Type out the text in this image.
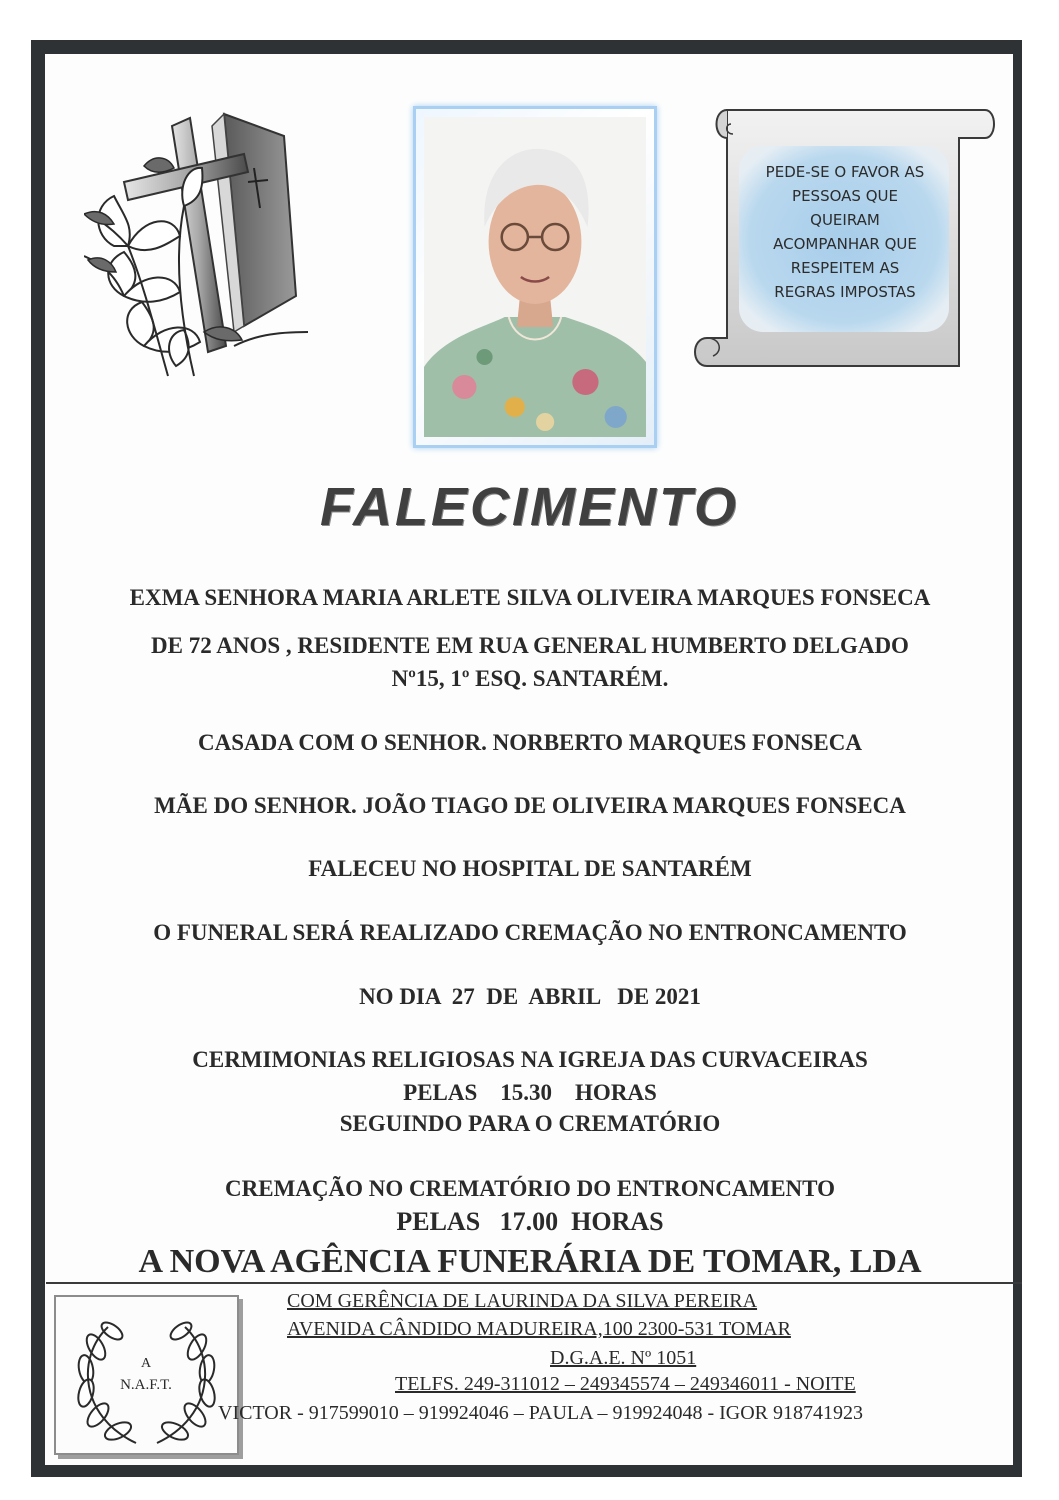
PEDE-SE O FAVOR AS
PESSOAS QUE
QUEIRAM
ACOMPANHAR QUE
RESPEITEM AS
REGRAS IMPOSTAS
FALECIMENTO
EXMA SENHORA MARIA ARLETE SILVA OLIVEIRA MARQUES FONSECA
DE 72 ANOS , RESIDENTE EM RUA GENERAL HUMBERTO DELGADO
Nº15, 1º ESQ. SANTARÉM.
CASADA COM O SENHOR. NORBERTO MARQUES FONSECA
MÃE DO SENHOR. JOÃO TIAGO DE OLIVEIRA MARQUES FONSECA
FALECEU NO HOSPITAL DE SANTARÉM
O FUNERAL SERÁ REALIZADO CREMAÇÃO NO ENTRONCAMENTO
NO DIA  27  DE  ABRIL   DE 2021
CERMIMONIAS RELIGIOSAS NA IGREJA DAS CURVACEIRAS
PELAS    15.30    HORAS
SEGUINDO PARA O CREMATÓRIO
CREMAÇÃO NO CREMATÓRIO DO ENTRONCAMENTO
PELAS   17.00  HORAS
A NOVA AGÊNCIA FUNERÁRIA DE TOMAR, LDA
A
N.A.F.T.
COM GERÊNCIA DE LAURINDA DA SILVA PEREIRA
AVENIDA CÂNDIDO MADUREIRA,100 2300-531 TOMAR
D.G.A.E. Nº 1051
TELFS. 249-311012 – 249345574 – 249346011 - NOITE
VICTOR - 917599010 – 919924046 – PAULA – 919924048 - IGOR 918741923
